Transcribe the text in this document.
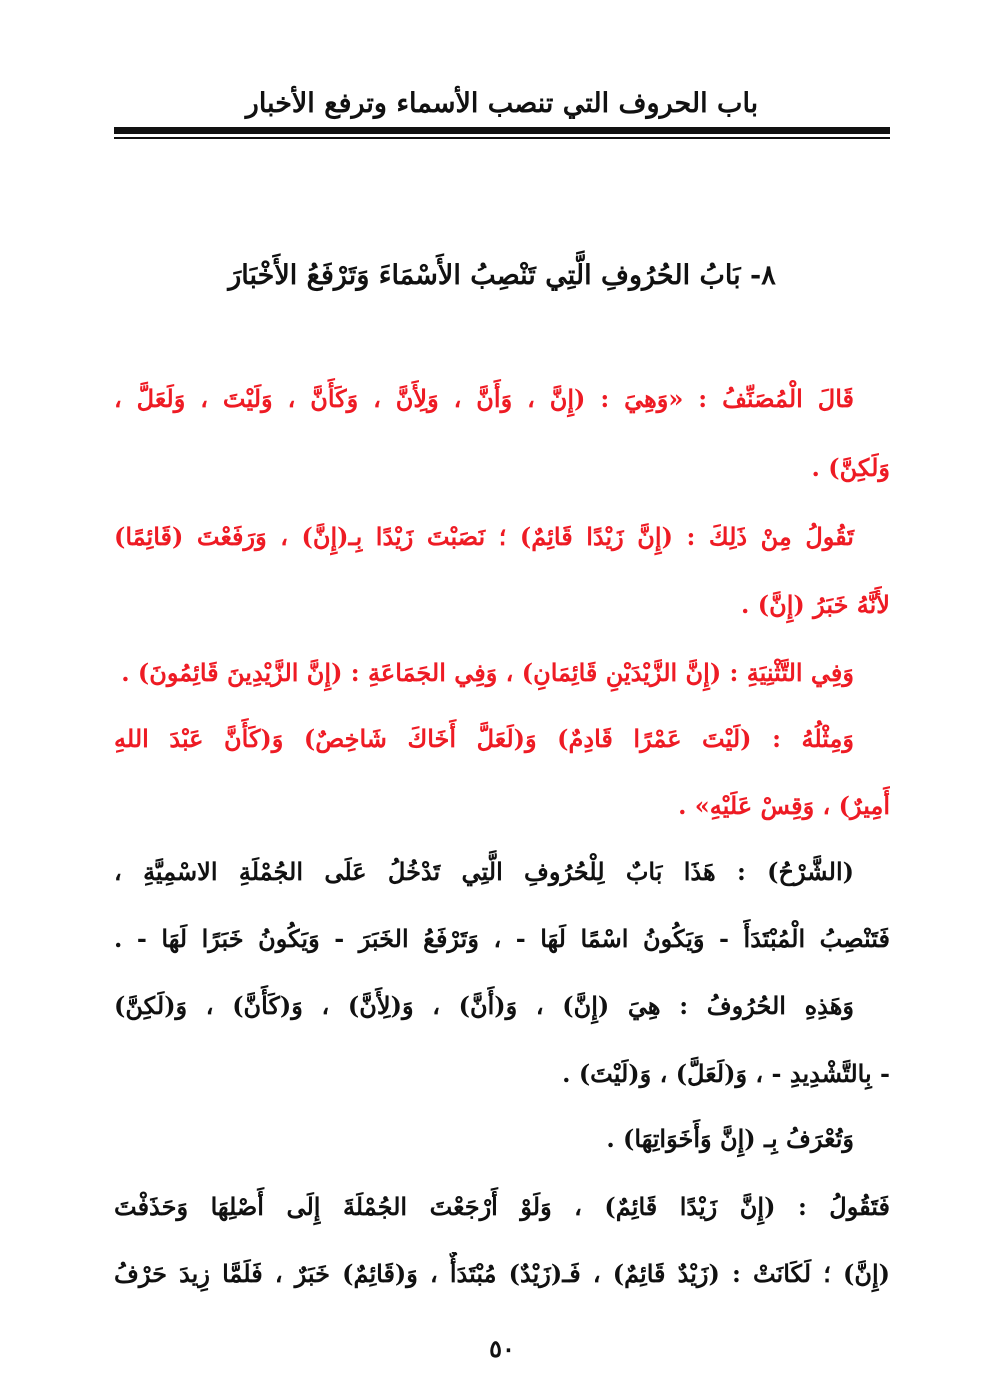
باب الحروف التي تنصب الأسماء وترفع الأخبار
٨- بَابُ الحُرُوفِ الَّتِي تَنْصِبُ الأَسْمَاءَ وَتَرْفَعُ الأَخْبَارَ
قَالَ الْمُصَنِّفُ : «وَهِيَ : (إِنَّ ، وَأَنَّ ، وَلِأَنَّ ، وَكَأَنَّ ، وَلَيْتَ ، وَلَعَلَّ ،
وَلَكِنَّ) .
تَقُولُ مِنْ ذَلِكَ : (إِنَّ زَيْدًا قَائِمٌ) ؛ نَصَبْتَ زَيْدًا بِـ(إِنَّ) ، وَرَفَعْتَ (قَائِمًا)
لأَنَّهُ خَبَرُ (إِنَّ) .
وَفِي التَّثْنِيَةِ : (إِنَّ الزَّيْدَيْنِ قَائِمَانِ) ، وَفِي الجَمَاعَةِ : (إِنَّ الزَّيْدِينَ قَائِمُونَ) .
وَمِثْلُهُ : (لَيْتَ عَمْرًا قَادِمٌ) وَ(لَعَلَّ أَخَاكَ شَاخِصٌ) وَ(كَأَنَّ عَبْدَ اللهِ
أَمِيرٌ) ، وَقِسْ عَلَيْهِ» .
(الشَّرْحُ) : هَذَا بَابٌ لِلْحُرُوفِ الَّتِي تَدْخُلُ عَلَى الجُمْلَةِ الاسْمِيَّةِ ،
فَتَنْصِبُ الْمُبْتَدَأَ - وَيَكُونُ اسْمًا لَهَا - ، وَتَرْفَعُ الخَبَرَ - وَيَكُونُ خَبَرًا لَهَا - .
وَهَذِهِ الحُرُوفُ : هِيَ (إِنَّ) ، وَ(أَنَّ) ، وَ(لِأَنَّ) ، وَ(كَأَنَّ) ، وَ(لَكِنَّ)
- بِالتَّشْدِيدِ - ، وَ(لَعَلَّ) ، وَ(لَيْتَ) .
وَتُعْرَفُ بِـ (إِنَّ وَأَخَوَاتِهَا) .
فَتَقُولُ : (إِنَّ زَيْدًا قَائِمٌ) ، وَلَوْ أَرْجَعْتَ الجُمْلَةَ إِلَى أَصْلِهَا وَحَذَفْتَ
(إِنَّ) ؛ لَكَانَتْ : (زَيْدٌ قَائِمٌ) ، فَـ(زَيْدٌ) مُبْتَدَأٌ ، وَ(قَائِمٌ) خَبَرٌ ، فَلَمَّا زِيدَ حَرْفُ
٥٠
